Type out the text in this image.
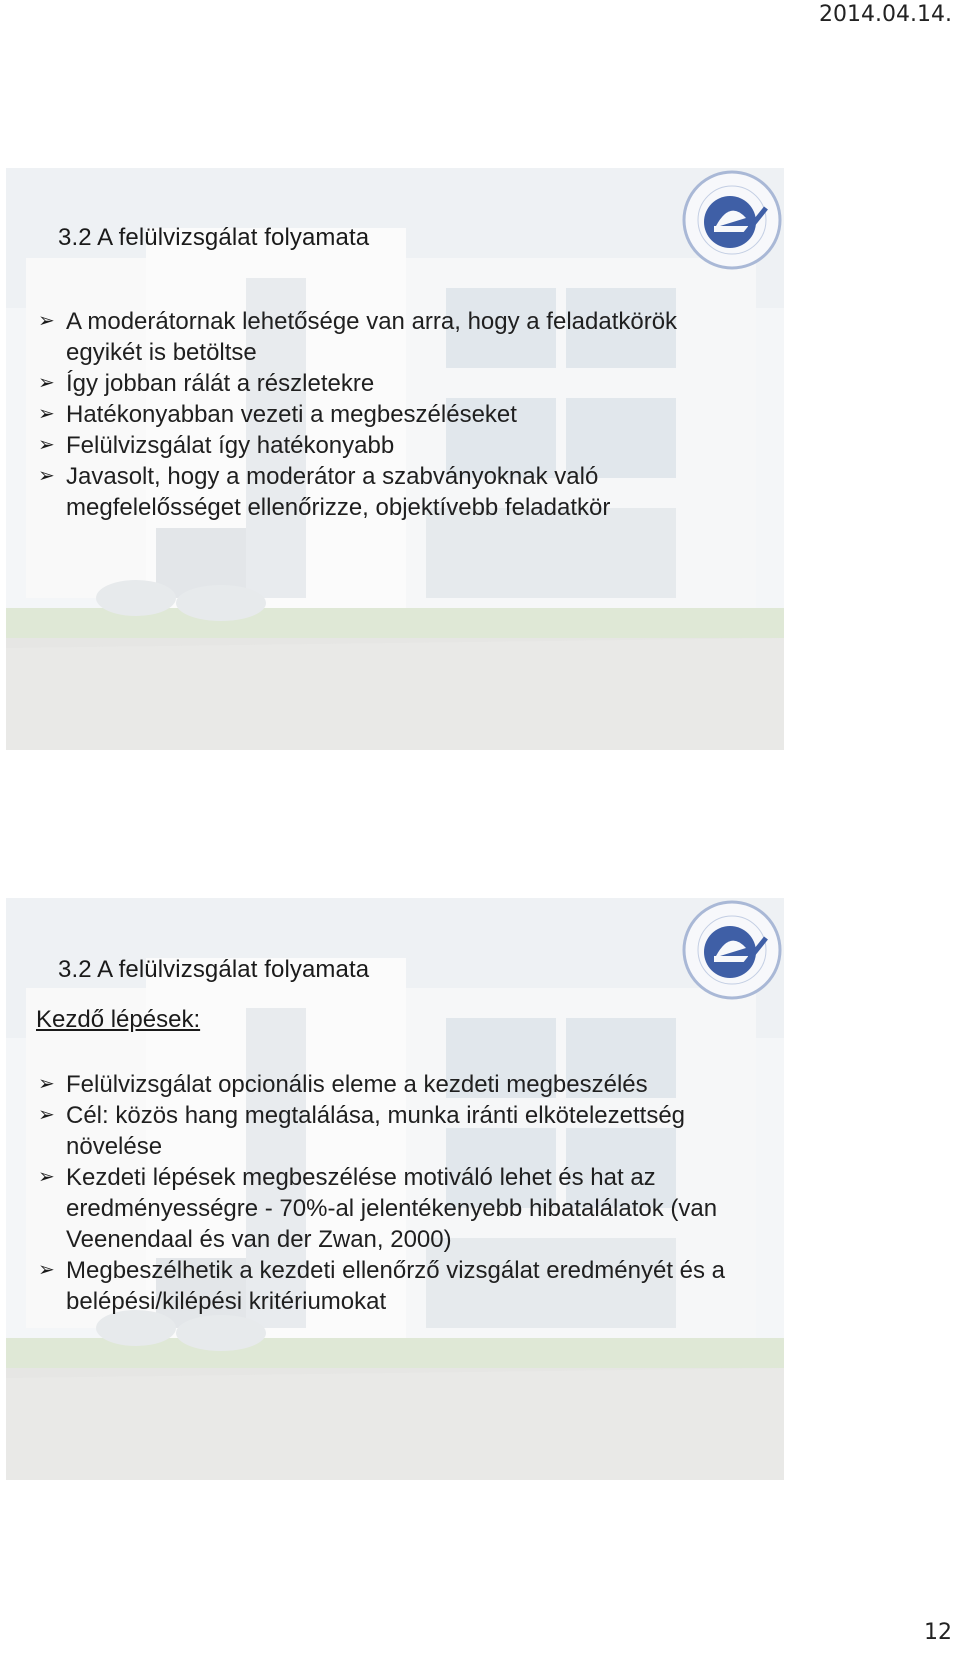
2014.04.14.
3.2 A felülvizsgálat folyamata
➢ A moderátornak lehetősége van arra, hogy a feladatkörök egyikét is betöltse
➢ Így jobban rálát a részletekre
➢ Hatékonyabban vezeti a megbeszéléseket
➢ Felülvizsgálat így hatékonyabb
➢ Javasolt, hogy a moderátor a szabványoknak való megfelelősséget ellenőrizze, objektívebb feladatkör
3.2 A felülvizsgálat folyamata
Kezdő lépések:
➢ Felülvizsgálat opcionális eleme a kezdeti megbeszélés
➢ Cél: közös hang megtalálása, munka iránti elkötelezettség növelése
➢ Kezdeti lépések megbeszélése motiváló lehet és hat az eredményességre - 70%-al jelentékenyebb hibatalálatok (van Veenendaal és van der Zwan, 2000)
➢ Megbeszélhetik a kezdeti ellenőrző vizsgálat eredményét és a belépési/kilépési kritériumokat
12
